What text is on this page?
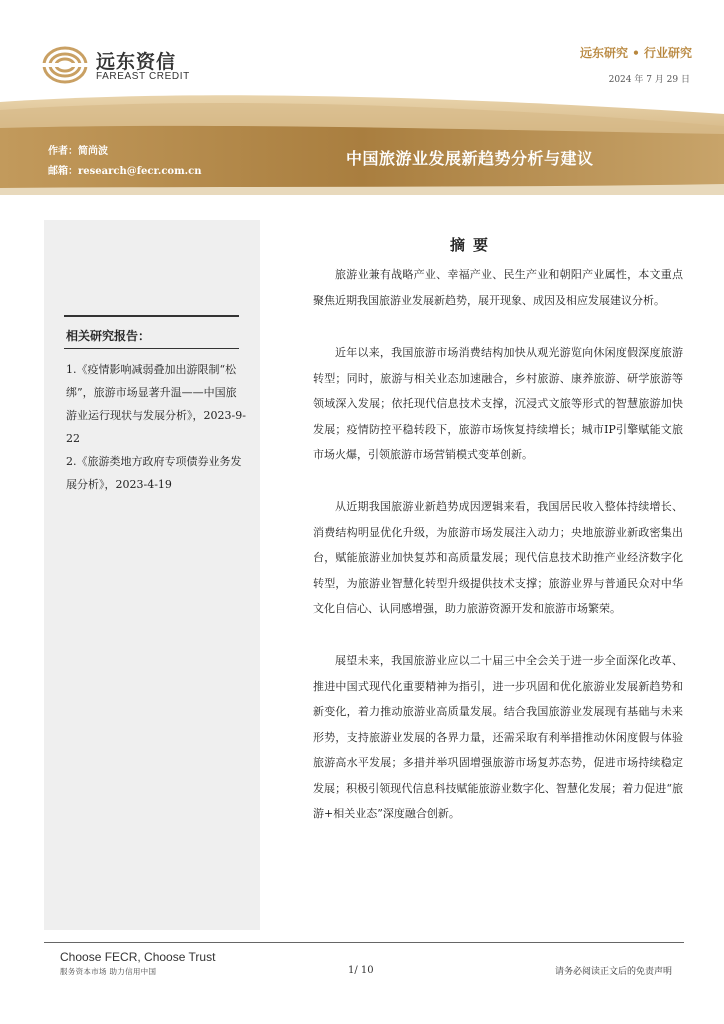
远东资信
FAREAST CREDIT
远东研究 • 行业研究
2024 年 7 月 29 日
作者：简尚波
邮箱：research@fecr.com.cn
中国旅游业发展新趋势分析与建议
相关研究报告：
1.《疫情影响减弱叠加出游限制“松绑”，旅游市场显著升温——中国旅游业运行现状与发展分析》，2023-9-22
2.《旅游类地方政府专项债券业务发展分析》，2023-4-19
摘要

旅游业兼有战略产业、幸福产业、民生产业和朝阳产业属性，本文重点聚焦近期我国旅游业发展新趋势，展开现象、成因及相应发展建议分析。

近年以来，我国旅游市场消费结构加快从观光游览向休闲度假深度旅游转型；同时，旅游与相关业态加速融合，乡村旅游、康养旅游、研学旅游等领域深入发展；依托现代信息技术支撑，沉浸式文旅等形式的智慧旅游加快发展；疫情防控平稳转段下，旅游市场恢复持续增长；城市IP引擎赋能文旅市场火爆，引领旅游市场营销模式变革创新。

从近期我国旅游业新趋势成因逻辑来看，我国居民收入整体持续增长、消费结构明显优化升级，为旅游市场发展注入动力；央地旅游业新政密集出台，赋能旅游业加快复苏和高质量发展；现代信息技术助推产业经济数字化转型，为旅游业智慧化转型升级提供技术支撑；旅游业界与普通民众对中华文化自信心、认同感增强，助力旅游资源开发和旅游市场繁荣。

展望未来，我国旅游业应以二十届三中全会关于进一步全面深化改革、推进中国式现代化重要精神为指引，进一步巩固和优化旅游业发展新趋势和新变化，着力推动旅游业高质量发展。结合我国旅游业发展现有基础与未来形势，支持旅游业发展的各界力量，还需采取有利举措推动休闲度假与体验旅游高水平发展；多措并举巩固增强旅游市场复苏态势，促进市场持续稳定发展；积极引领现代信息科技赋能旅游业数字化、智慧化发展；着力促进“旅游+相关业态”深度融合创新。

Choose FECR, Choose Trust
服务资本市场 助力信用中国	1/ 10	请务必阅读正文后的免责声明
